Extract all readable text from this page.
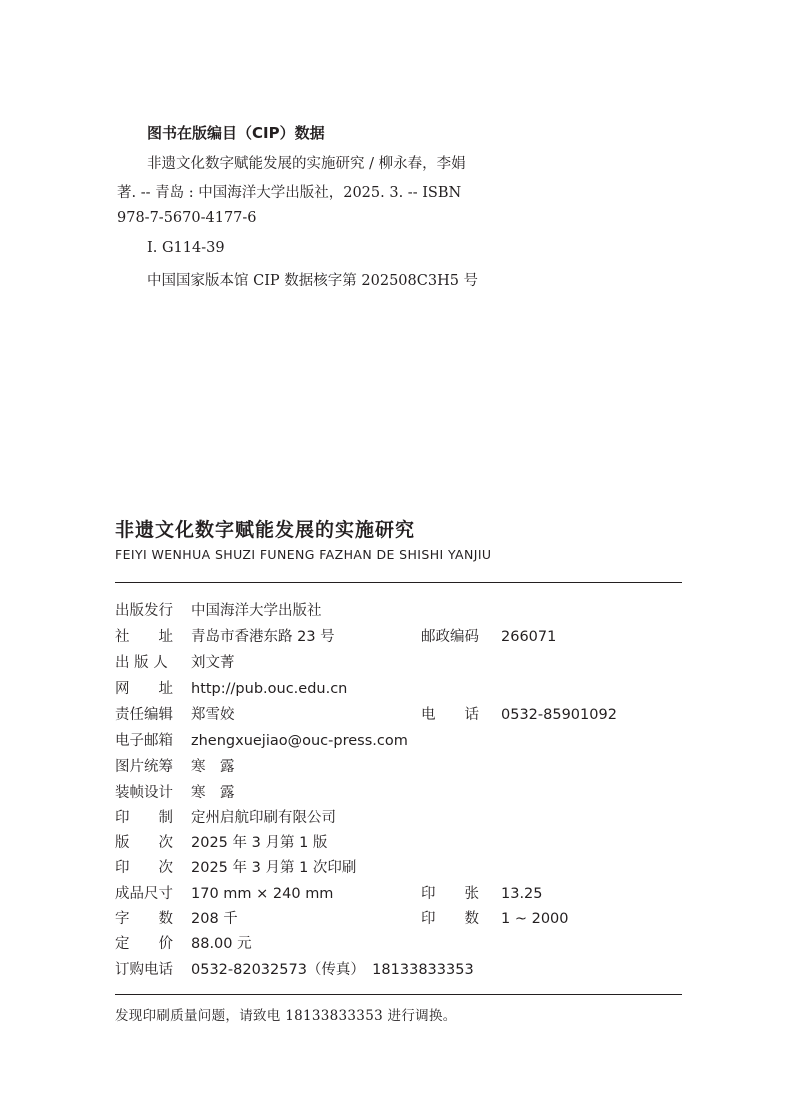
图书在版编目（CIP）数据
非遗文化数字赋能发展的实施研究 / 柳永春，李娟
著. -- 青岛 : 中国海洋大学出版社，2025. 3. -- ISBN
978-7-5670-4177-6
Ⅰ. G114-39
中国国家版本馆 CIP 数据核字第 202508C3H5 号
非遗文化数字赋能发展的实施研究
FEIYI WENHUA SHUZI FUNENG FAZHAN DE SHISHI YANJIU
出版发行	中国海洋大学出版社
社　　址	青岛市香港东路 23 号	邮政编码	266071
出 版 人	刘文菁
网　　址	http://pub.ouc.edu.cn
责任编辑	郑雪姣	电　　话	0532-85901092
电子邮箱	zhengxuejiao@ouc-press.com
图片统筹	寒　露
装帧设计	寒　露
印　　制	定州启航印刷有限公司
版　　次	2025 年 3 月第 1 版
印　　次	2025 年 3 月第 1 次印刷
成品尺寸	170 mm × 240 mm	印　　张	13.25
字　　数	208 千	印　　数	1 ~ 2000
定　　价	88.00 元
订购电话	0532-82032573（传真）　18133833353
发现印刷质量问题，请致电 18133833353 进行调换。
